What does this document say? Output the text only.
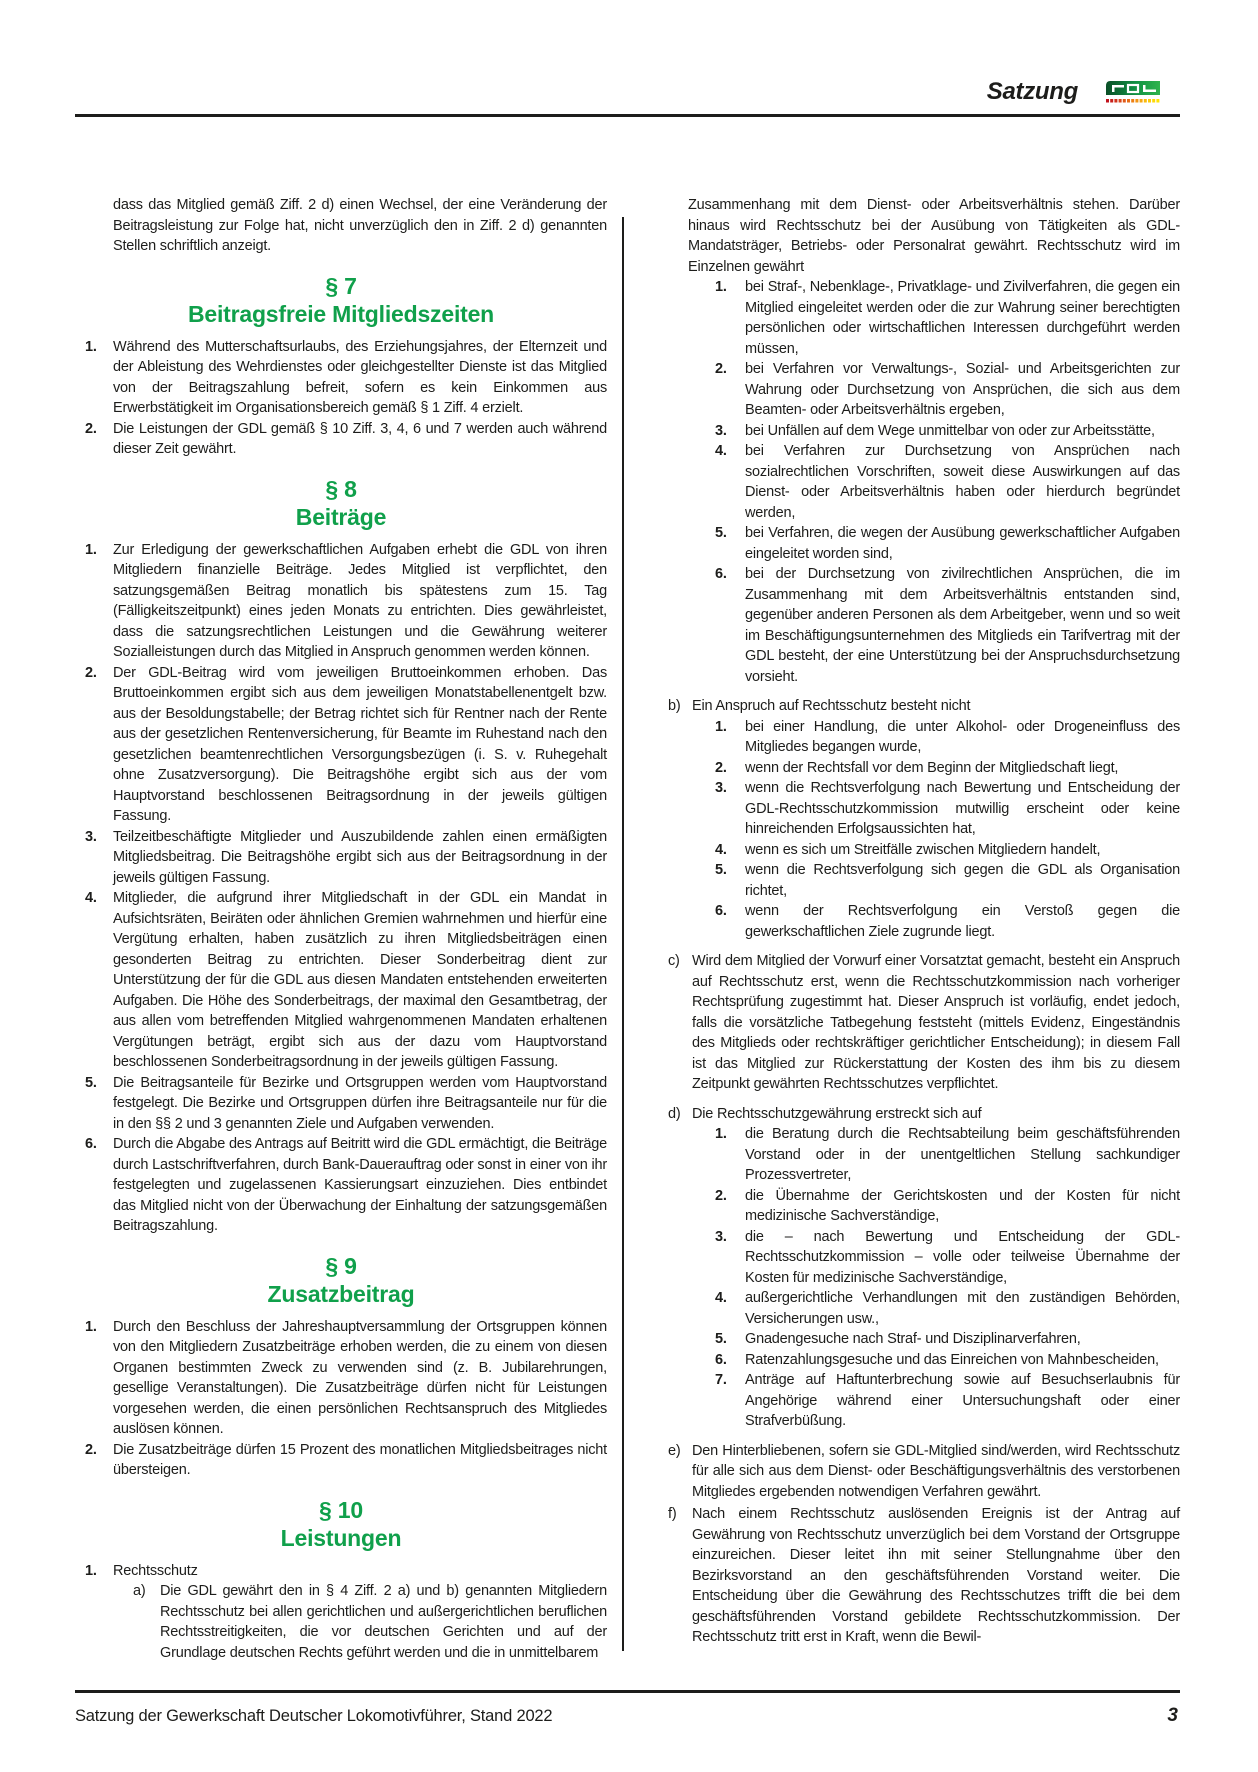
Satzung

dass das Mitglied gemäß Ziff. 2 d) einen Wechsel, der eine Veränderung der Beitragsleistung zur Folge hat, nicht unverzüglich den in Ziff. 2 d) genannten Stellen schriftlich anzeigt.

§ 7
Beitragsfreie Mitgliedszeiten
1.	Während des Mutterschaftsurlaubs, des Erziehungsjahres, der Elternzeit und der Ableistung des Wehrdienstes oder gleichgestellter Dienste ist das Mitglied von der Beitragszahlung befreit, sofern es kein Einkommen aus Erwerbstätigkeit im Organisationsbereich gemäß § 1 Ziff. 4 erzielt.
2.	Die Leistungen der GDL gemäß § 10 Ziff. 3, 4, 6 und 7 werden auch während dieser Zeit gewährt.
§ 8
Beiträge
1.	Zur Erledigung der gewerkschaftlichen Aufgaben erhebt die GDL von ihren Mitgliedern finanzielle Beiträge. Jedes Mitglied ist verpflichtet, den satzungsgemäßen Beitrag monatlich bis spätestens zum 15. Tag (Fälligkeitszeitpunkt) eines jeden Monats zu entrichten. Dies gewährleistet, dass die satzungsrechtlichen Leistungen und die Gewährung weiterer Sozialleistungen durch das Mitglied in Anspruch genommen werden können.
2.	Der GDL-Beitrag wird vom jeweiligen Bruttoeinkommen erhoben. Das Bruttoeinkommen ergibt sich aus dem jeweiligen Monatstabellenentgelt bzw. aus der Besoldungstabelle; der Betrag richtet sich für Rentner nach der Rente aus der gesetzlichen Rentenversicherung, für Beamte im Ruhestand nach den gesetzlichen beamtenrechtlichen Versorgungsbezügen (i. S. v. Ruhegehalt ohne Zusatzversorgung). Die Beitragshöhe ergibt sich aus der vom Hauptvorstand beschlossenen Beitragsordnung in der jeweils gültigen Fassung.
3.	Teilzeitbeschäftigte Mitglieder und Auszubildende zahlen einen ermäßigten Mitgliedsbeitrag. Die Beitragshöhe ergibt sich aus der Beitragsordnung in der jeweils gültigen Fassung.
4.	Mitglieder, die aufgrund ihrer Mitgliedschaft in der GDL ein Mandat in Aufsichtsräten, Beiräten oder ähnlichen Gremien wahrnehmen und hierfür eine Vergütung erhalten, haben zusätzlich zu ihren Mitgliedsbeiträgen einen gesonderten Beitrag zu entrichten. Dieser Sonderbeitrag dient zur Unterstützung der für die GDL aus diesen Mandaten entstehenden erweiterten Aufgaben. Die Höhe des Sonderbeitrags, der maximal den Gesamtbetrag, der aus allen vom betreffenden Mitglied wahrgenommenen Mandaten erhaltenen Vergütungen beträgt, ergibt sich aus der dazu vom Hauptvorstand beschlossenen Sonderbeitragsordnung in der jeweils gültigen Fassung.
5.	Die Beitragsanteile für Bezirke und Ortsgruppen werden vom Hauptvorstand festgelegt. Die Bezirke und Ortsgruppen dürfen ihre Beitragsanteile nur für die in den §§ 2 und 3 genannten Ziele und Aufgaben verwenden.
6.	Durch die Abgabe des Antrags auf Beitritt wird die GDL ermächtigt, die Beiträge durch Lastschriftverfahren, durch Bank-Dauerauftrag oder sonst in einer von ihr festgelegten und zugelassenen Kassierungsart einzuziehen. Dies entbindet das Mitglied nicht von der Überwachung der Einhaltung der satzungsgemäßen Beitragszahlung.
§ 9
Zusatzbeitrag
1.	Durch den Beschluss der Jahreshauptversammlung der Ortsgruppen können von den Mitgliedern Zusatzbeiträge erhoben werden, die zu einem von diesen Organen bestimmten Zweck zu verwenden sind (z. B. Jubilarehrungen, gesellige Veranstaltungen). Die Zusatzbeiträge dürfen nicht für Leistungen vorgesehen werden, die einen persönlichen Rechtsanspruch des Mitgliedes auslösen können.
2.	Die Zusatzbeiträge dürfen 15 Prozent des monatlichen Mitgliedsbeitrages nicht übersteigen.
§ 10
Leistungen
1.	Rechtsschutz
a)	Die GDL gewährt den in § 4 Ziff. 2 a) und b) genannten Mitgliedern Rechtsschutz bei allen gerichtlichen und außergerichtlichen beruflichen Rechtsstreitigkeiten, die vor deutschen Gerichten und auf der Grundlage deutschen Rechts geführt werden und die in unmittelbarem

Zusammenhang mit dem Dienst- oder Arbeitsverhältnis stehen. Darüber hinaus wird Rechtsschutz bei der Ausübung von Tätigkeiten als GDL-Mandatsträger, Betriebs- oder Personalrat gewährt. Rechtsschutz wird im Einzelnen gewährt

1.	bei Straf-, Nebenklage-, Privatklage- und Zivilverfahren, die gegen ein Mitglied eingeleitet werden oder die zur Wahrung seiner berechtigten persönlichen oder wirtschaftlichen Interessen durchgeführt werden müssen,
2.	bei Verfahren vor Verwaltungs-, Sozial- und Arbeitsgerichten zur Wahrung oder Durchsetzung von Ansprüchen, die sich aus dem Beamten- oder Arbeitsverhältnis ergeben,
3.	bei Unfällen auf dem Wege unmittelbar von oder zur Arbeitsstätte,
4.	bei Verfahren zur Durchsetzung von Ansprüchen nach sozialrechtlichen Vorschriften, soweit diese Auswirkungen auf das Dienst- oder Arbeitsverhältnis haben oder hierdurch begründet werden,
5.	bei Verfahren, die wegen der Ausübung gewerkschaftlicher Aufgaben eingeleitet worden sind,
6.	bei der Durchsetzung von zivilrechtlichen Ansprüchen, die im Zusammenhang mit dem Arbeitsverhältnis entstanden sind, gegenüber anderen Personen als dem Arbeitgeber, wenn und so weit im Beschäftigungsunternehmen des Mitglieds ein Tarifvertrag mit der GDL besteht, der eine Unterstützung bei der Anspruchsdurchsetzung vorsieht.
b) Ein Anspruch auf Rechtsschutz besteht nicht
1.	bei einer Handlung, die unter Alkohol- oder Drogeneinfluss des Mitgliedes begangen wurde,
2.	wenn der Rechtsfall vor dem Beginn der Mitgliedschaft liegt,
3.	wenn die Rechtsverfolgung nach Bewertung und Entscheidung der GDL-Rechtsschutzkommission mutwillig erscheint oder keine hinreichenden Erfolgsaussichten hat,
4.	wenn es sich um Streitfälle zwischen Mitgliedern handelt,
5.	wenn die Rechtsverfolgung sich gegen die GDL als Organisation richtet,
6.	wenn der Rechtsverfolgung ein Verstoß gegen die gewerkschaftlichen Ziele zugrunde liegt.
c) Wird dem Mitglied der Vorwurf einer Vorsatztat gemacht, besteht ein Anspruch auf Rechtsschutz erst, wenn die Rechtsschutzkommission nach vorheriger Rechtsprüfung zugestimmt hat. Dieser Anspruch ist vorläufig, endet jedoch, falls die vorsätzliche Tatbegehung feststeht (mittels Evidenz, Eingeständnis des Mitglieds oder rechtskräftiger gerichtlicher Entscheidung); in diesem Fall ist das Mitglied zur Rückerstattung der Kosten des ihm bis zu diesem Zeitpunkt gewährten Rechtsschutzes verpflichtet.
d) Die Rechtsschutzgewährung erstreckt sich auf
1.	die Beratung durch die Rechtsabteilung beim geschäftsführenden Vorstand oder in der unentgeltlichen Stellung sachkundiger Prozessvertreter,
2.	die Übernahme der Gerichtskosten und der Kosten für nicht medizinische Sachverständige,
3.	die – nach Bewertung und Entscheidung der GDL-Rechtsschutzkommission – volle oder teilweise Übernahme der Kosten für medizinische Sachverständige,
4.	außergerichtliche Verhandlungen mit den zuständigen Behörden, Versicherungen usw.,
5.	Gnadengesuche nach Straf- und Disziplinarverfahren,
6.	Ratenzahlungsgesuche und das Einreichen von Mahnbescheiden,
7.	Anträge auf Haftunterbrechung sowie auf Besuchserlaubnis für Angehörige während einer Untersuchungshaft oder einer Strafverbüßung.
e) Den Hinterbliebenen, sofern sie GDL-Mitglied sind/werden, wird Rechtsschutz für alle sich aus dem Dienst- oder Beschäftigungsverhältnis des verstorbenen Mitgliedes ergebenden notwendigen Verfahren gewährt.
f)	Nach einem Rechtsschutz auslösenden Ereignis ist der Antrag auf Gewährung von Rechtsschutz unverzüglich bei dem Vorstand der Ortsgruppe einzureichen. Dieser leitet ihn mit seiner Stellungnahme über den Bezirksvorstand an den geschäftsführenden Vorstand weiter. Die Entscheidung über die Gewährung des Rechtsschutzes trifft die bei dem geschäftsführenden Vorstand gebildete Rechtsschutzkommission. Der Rechtsschutz tritt erst in Kraft, wenn die Bewil-
Satzung der Gewerkschaft Deutscher Lokomotivführer, Stand 2022	3
